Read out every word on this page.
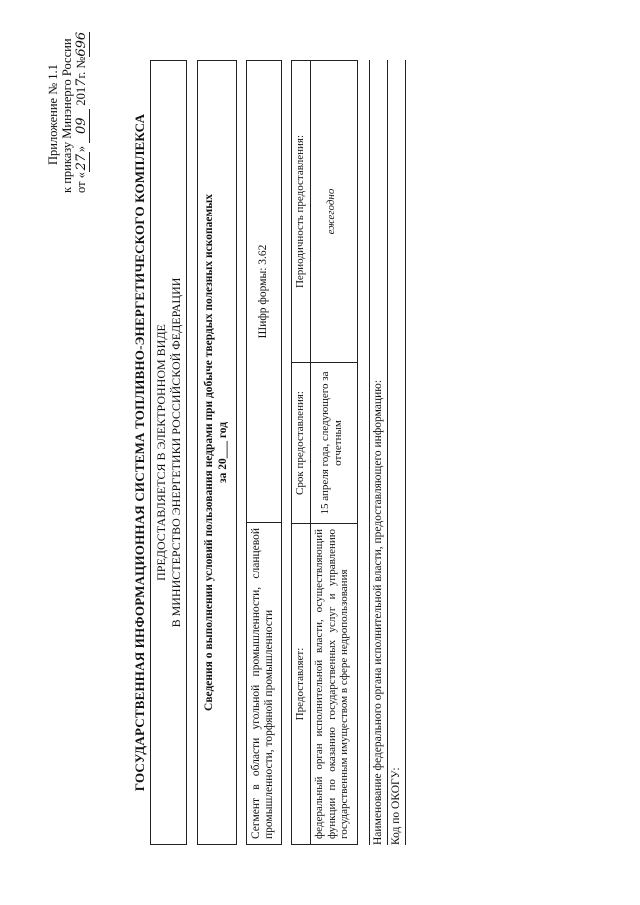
Приложение № 1.1 к приказу Минэнерго России от «27» 09 2017г. №696
ГОСУДАРСТВЕННАЯ ИНФОРМАЦИОННАЯ СИСТЕМА ТОПЛИВНО-ЭНЕРГЕТИЧЕСКОГО КОМПЛЕКСА ПРЕДОСТАВЛЯЕТСЯ В ЭЛЕКТРОННОМ ВИДЕ В МИНИСТЕРСТВО ЭНЕРГЕТИКИ РОССИЙСКОЙ ФЕДЕРАЦИИ Сведения о выполнении условий пользования недрами при добыче твердых полезных ископаемых за 20___ год
Сегмент в области угольной промышленности, сланцевой промышленности, торфяной промышленности
Шифр формы: 3.62
Предоставляет:	Срок предоставления:	Периодичность предоставления:
федеральный орган исполнительной власти, осуществляющий функции по оказанию государственных услуг и управлению государственным имуществом в сфере недропользования	15 апреля года, следующего за отчетным	ежегодно
Наименование федерального органа исполнительной власти, предоставляющего информацию: Код по ОКОГУ:
